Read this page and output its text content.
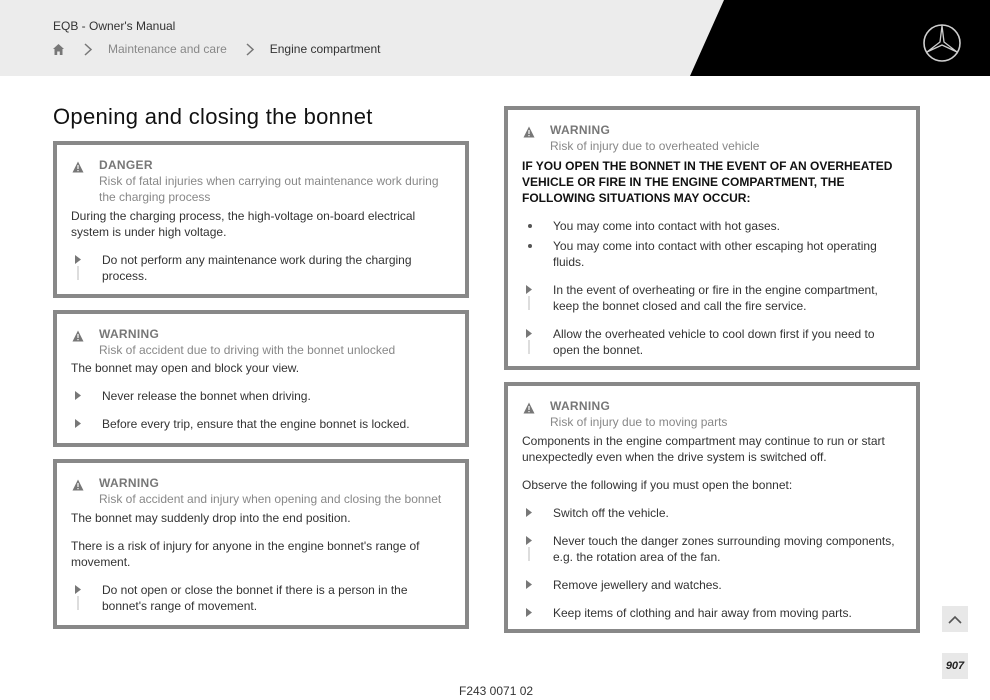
EQB - Owner's Manual
Maintenance and care	Engine compartment
Opening and closing the bonnet
DANGER
Risk of fatal injuries when carrying out maintenance work during the charging process

During the charging process, the high-voltage on-board electrical system is under high voltage.

Do not perform any maintenance work during the charging process.
WARNING
Risk of accident due to driving with the bonnet unlocked

The bonnet may open and block your view.

Never release the bonnet when driving.
Before every trip, ensure that the engine bonnet is locked.
WARNING
Risk of accident and injury when opening and closing the bonnet

The bonnet may suddenly drop into the end position.

There is a risk of injury for anyone in the engine bonnet's range of movement.

Do not open or close the bonnet if there is a person in the bonnet's range of movement.
WARNING
Risk of injury due to overheated vehicle

IF YOU OPEN THE BONNET IN THE EVENT OF AN OVERHEATED VEHICLE OR FIRE IN THE ENGINE COMPARTMENT, THE FOLLOWING SITUATIONS MAY OCCUR:

You may come into contact with hot gases.
You may come into contact with other escaping hot operating fluids.
In the event of overheating or fire in the engine compartment, keep the bonnet closed and call the fire service.
Allow the overheated vehicle to cool down first if you need to open the bonnet.
WARNING
Risk of injury due to moving parts

Components in the engine compartment may continue to run or start unexpectedly even when the drive system is switched off.

Observe the following if you must open the bonnet:

Switch off the vehicle.
Never touch the danger zones surrounding moving components, e.g. the rotation area of the fan.
Remove jewellery and watches.
Keep items of clothing and hair away from moving parts.
907
F243 0071 02
